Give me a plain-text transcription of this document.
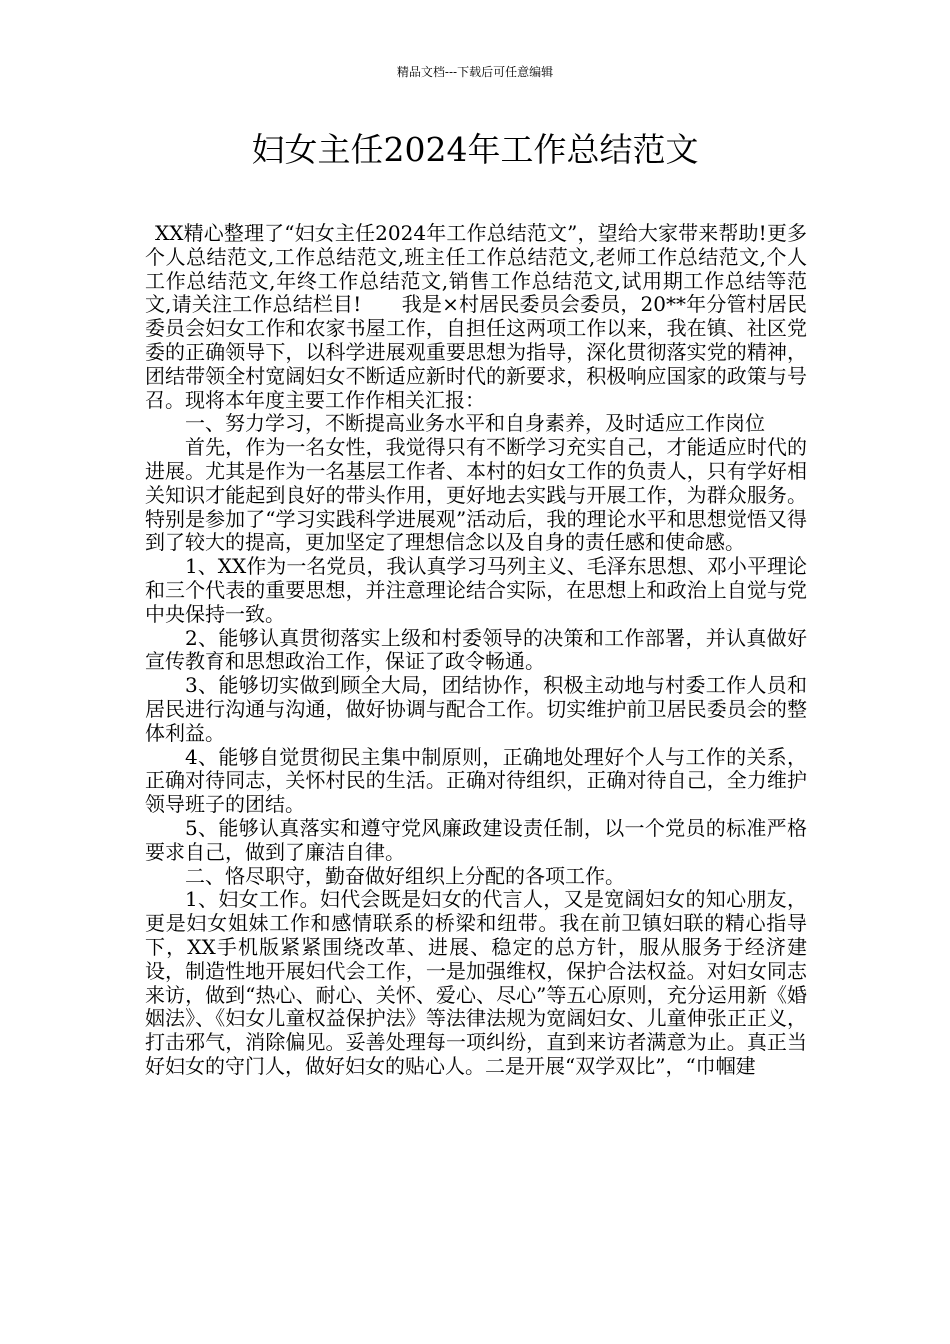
精品文档---下载后可任意编辑
妇女主任2024年工作总结范文

XX精心整理了“妇女主任2024年工作总结范文”，望给大家带来帮助!更多个人总结范文,工作总结范文,班主任工作总结范文,老师工作总结范文,个人工作总结范文,年终工作总结范文,销售工作总结范文,试用期工作总结等范文,请关注工作总结栏目!　　我是×村居民委员会委员，20**年分管村居民委员会妇女工作和农家书屋工作，自担任这两项工作以来，我在镇、社区党委的正确领导下，以科学进展观重要思想为指导，深化贯彻落实党的精神，团结带领全村宽阔妇女不断适应新时代的新要求，积极响应国家的政策与号召。现将本年度主要工作作相关汇报：

一、努力学习，不断提高业务水平和自身素养，及时适应工作岗位

首先，作为一名女性，我觉得只有不断学习充实自己，才能适应时代的进展。尤其是作为一名基层工作者、本村的妇女工作的负责人，只有学好相关知识才能起到良好的带头作用，更好地去实践与开展工作，为群众服务。特别是参加了“学习实践科学进展观”活动后，我的理论水平和思想觉悟又得到了较大的提高，更加坚定了理想信念以及自身的责任感和使命感。

1、XX作为一名党员，我认真学习马列主义、毛泽东思想、邓小平理论和三个代表的重要思想，并注意理论结合实际，在思想上和政治上自觉与党中央保持一致。

2、能够认真贯彻落实上级和村委领导的决策和工作部署，并认真做好宣传教育和思想政治工作，保证了政令畅通。

3、能够切实做到顾全大局，团结协作，积极主动地与村委工作人员和居民进行沟通与沟通，做好协调与配合工作。切实维护前卫居民委员会的整体利益。

4、能够自觉贯彻民主集中制原则，正确地处理好个人与工作的关系，正确对待同志，关怀村民的生活。正确对待组织，正确对待自己，全力维护领导班子的团结。

5、能够认真落实和遵守党风廉政建设责任制，以一个党员的标准严格要求自己，做到了廉洁自律。

二、恪尽职守，勤奋做好组织上分配的各项工作。

1、妇女工作。妇代会既是妇女的代言人，又是宽阔妇女的知心朋友，更是妇女姐妹工作和感情联系的桥梁和纽带。我在前卫镇妇联的精心指导下，XX手机版紧紧围绕改革、进展、稳定的总方针，服从服务于经济建设，制造性地开展妇代会工作，一是加强维权，保护合法权益。对妇女同志来访，做到“热心、耐心、关怀、爱心、尽心”等五心原则，充分运用新《婚姻法》、《妇女儿童权益保护法》等法律法规为宽阔妇女、儿童伸张正正义，打击邪气，消除偏见。妥善处理每一项纠纷，直到来访者满意为止。真正当好妇女的守门人，做好妇女的贴心人。二是开展“双学双比”，“巾帼建
